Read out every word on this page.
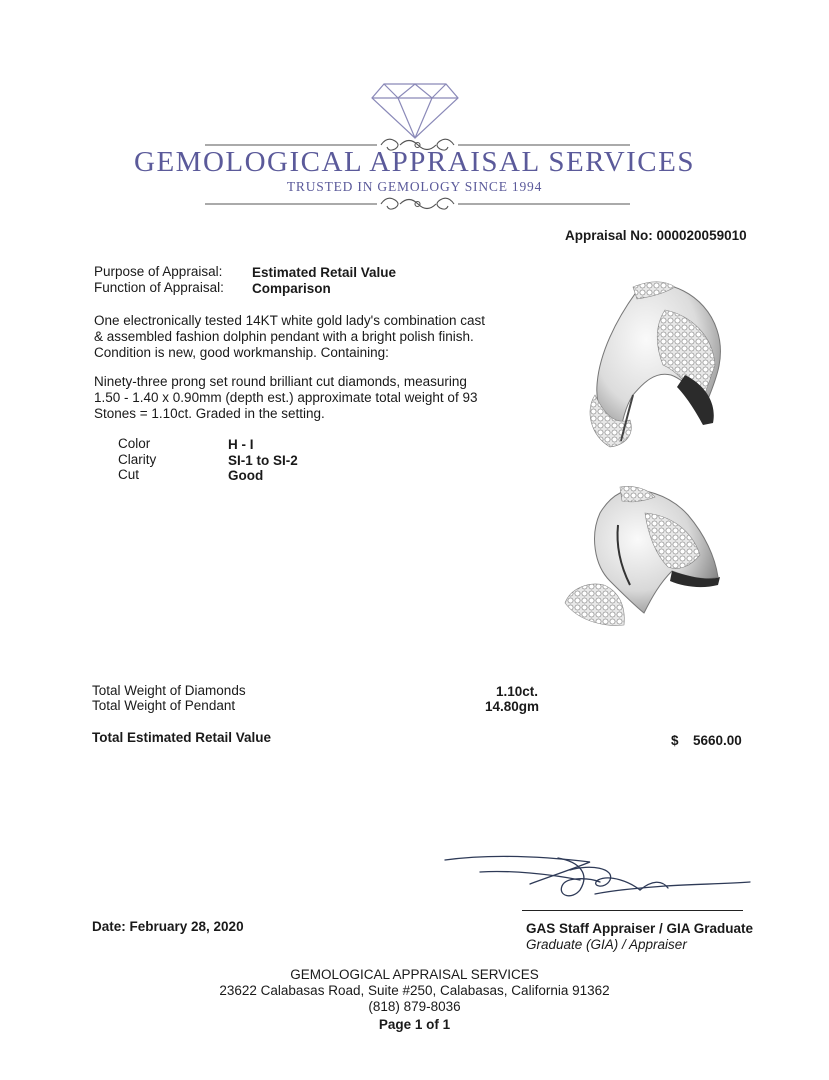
GEMOLOGICAL APPRAISAL SERVICES
TRUSTED IN GEMOLOGY SINCE 1994
Appraisal No: 000020059010
Purpose of Appraisal: Estimated Retail Value
Function of Appraisal: Comparison
One electronically tested 14KT white gold lady's combination cast
& assembled fashion dolphin pendant with a bright polish finish.
Condition is new, good workmanship. Containing:
Ninety-three prong set round brilliant cut diamonds, measuring
1.50 - 1.40 x 0.90mm (depth est.) approximate total weight of 93
Stones = 1.10ct. Graded in the setting.
Color	H - I
Clarity	SI-1 to SI-2
Cut	Good
Total Weight of Diamonds	1.10ct.
Total Weight of Pendant	14.80gm
Total Estimated Retail Value	$ 5660.00
Date: February 28, 2020	GAS Staff Appraiser / GIA Graduate
Graduate (GIA) / Appraiser
GEMOLOGICAL APPRAISAL SERVICES
23622 Calabasas Road, Suite #250, Calabasas, California 91362
(818) 879-8036
Page 1 of 1
